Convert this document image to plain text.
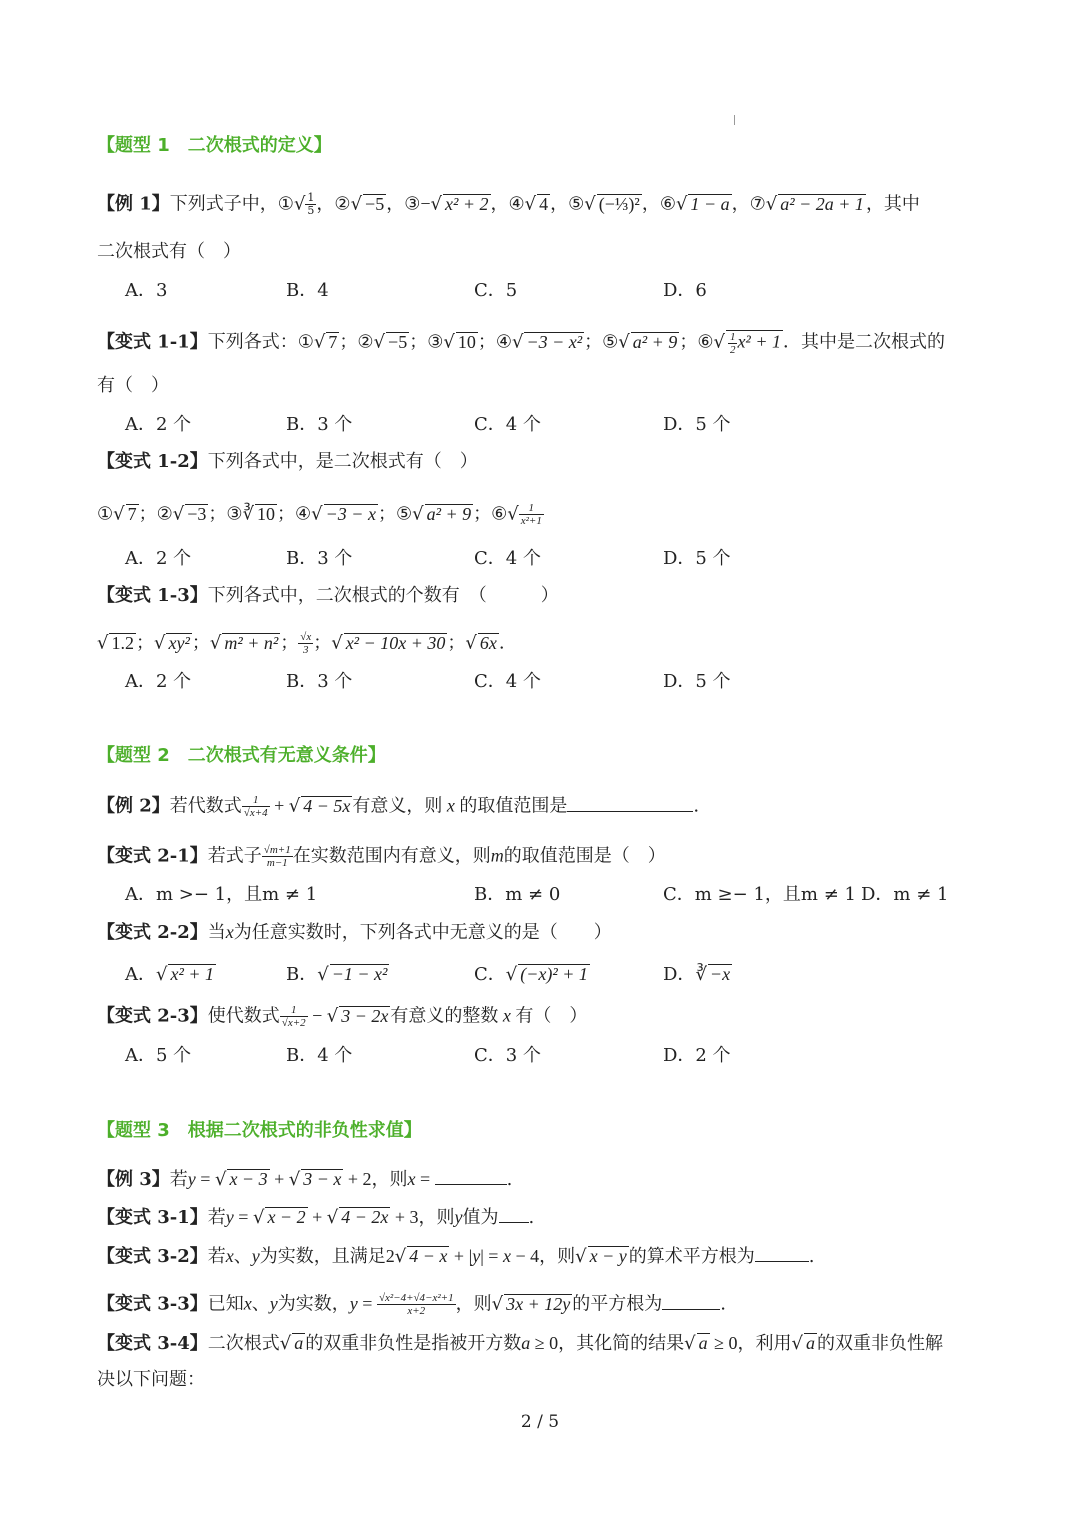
【题型 1　二次根式的定义】
【例 1】下列式子中，①√ $\frac{1}{5}$ ，②√ −5 ，③−√ x² + 2 ，④√ 4 ，⑤√ (−⅓)² ，⑥√ 1 − a ，⑦√ a² − 2a + 1 ，其中
二次根式有（　）
A．3	B．4	C．5	D．6
【变式 1-1】下列各式：①√ 7 ；②√ −5 ；③√ 10 ；④√ −3 − x² ；⑤√ a² + 9 ；⑥√ $\frac{1}{2} x^2 + 1$ ．其中是二次根式的
有（　）
A．2 个	B．3 个	C．4 个	D．5 个
【变式 1-2】下列各式中，是二次根式有（　）
①√ 7 ；②√ −3 ；③∛ 10 ；④√ −3 − x ；⑤√ a² + 9 ；⑥√ $\frac{1}{\text{x²+1}}$
A．2 个	B．3 个	C．4 个	D．5 个
【变式 1-3】下列各式中，二次根式的个数有　（　　　）
√ 1.2 ；√ xy² ；√ m² + n² ； $\frac{√x}{3}$ ；√ x² − 10x + 30 ；√ 6x .
A．2 个	B．3 个	C．4 个	D．5 个
【题型 2　二次根式有无意义条件】
【例 2】若代数式 $\frac{1}{√x+4}$ + √ 4 − 5x 有意义，则 x 的取值范围是	.
【变式 2-1】若式子 $\frac{√m+1}{m-1}$ 在实数范围内有意义，则m的取值范围是（　）
A．m >− 1，且m ≠ 1	B．m ≠ 0	C．m ≥− 1，且m ≠ 1 D．m ≠ 1
【变式 2-2】当x为任意实数时，下列各式中无意义的是（　　）
A．√ x² + 1	B．√ −1 − x²	C．√ (−x)² + 1	D．∛ −x
【变式 2-3】使代数式 $\frac{1}{√x+2}$ − √ 3 − 2x 有意义的整数 x 有（　）
A．5 个	B．4 个	C．3 个	D．2 个
【题型 3　根据二次根式的非负性求值】
【例 3】若y = √ x − 3 + √ 3 − x + 2，则x =	.
【变式 3-1】若y = √ x − 2 + √ 4 − 2x + 3，则y值为 .
【变式 3-2】若x、y为实数，且满足2√ 4 − x + |y| = x − 4，则√ x − y 的算术平方根为	.
【变式 3-3】已知x、y为实数，$y = \frac{\text{√x²−4+√4−x²+1}}{x+2}$ ，则√ 3x + 12y 的平方根为	.
【变式 3-4】二次根式√ a 的双重非负性是指被开方数a ≥ 0，其化简的结果√ a ≥ 0，利用√ a 的双重非负性解
决以下问题：
2 / 5
